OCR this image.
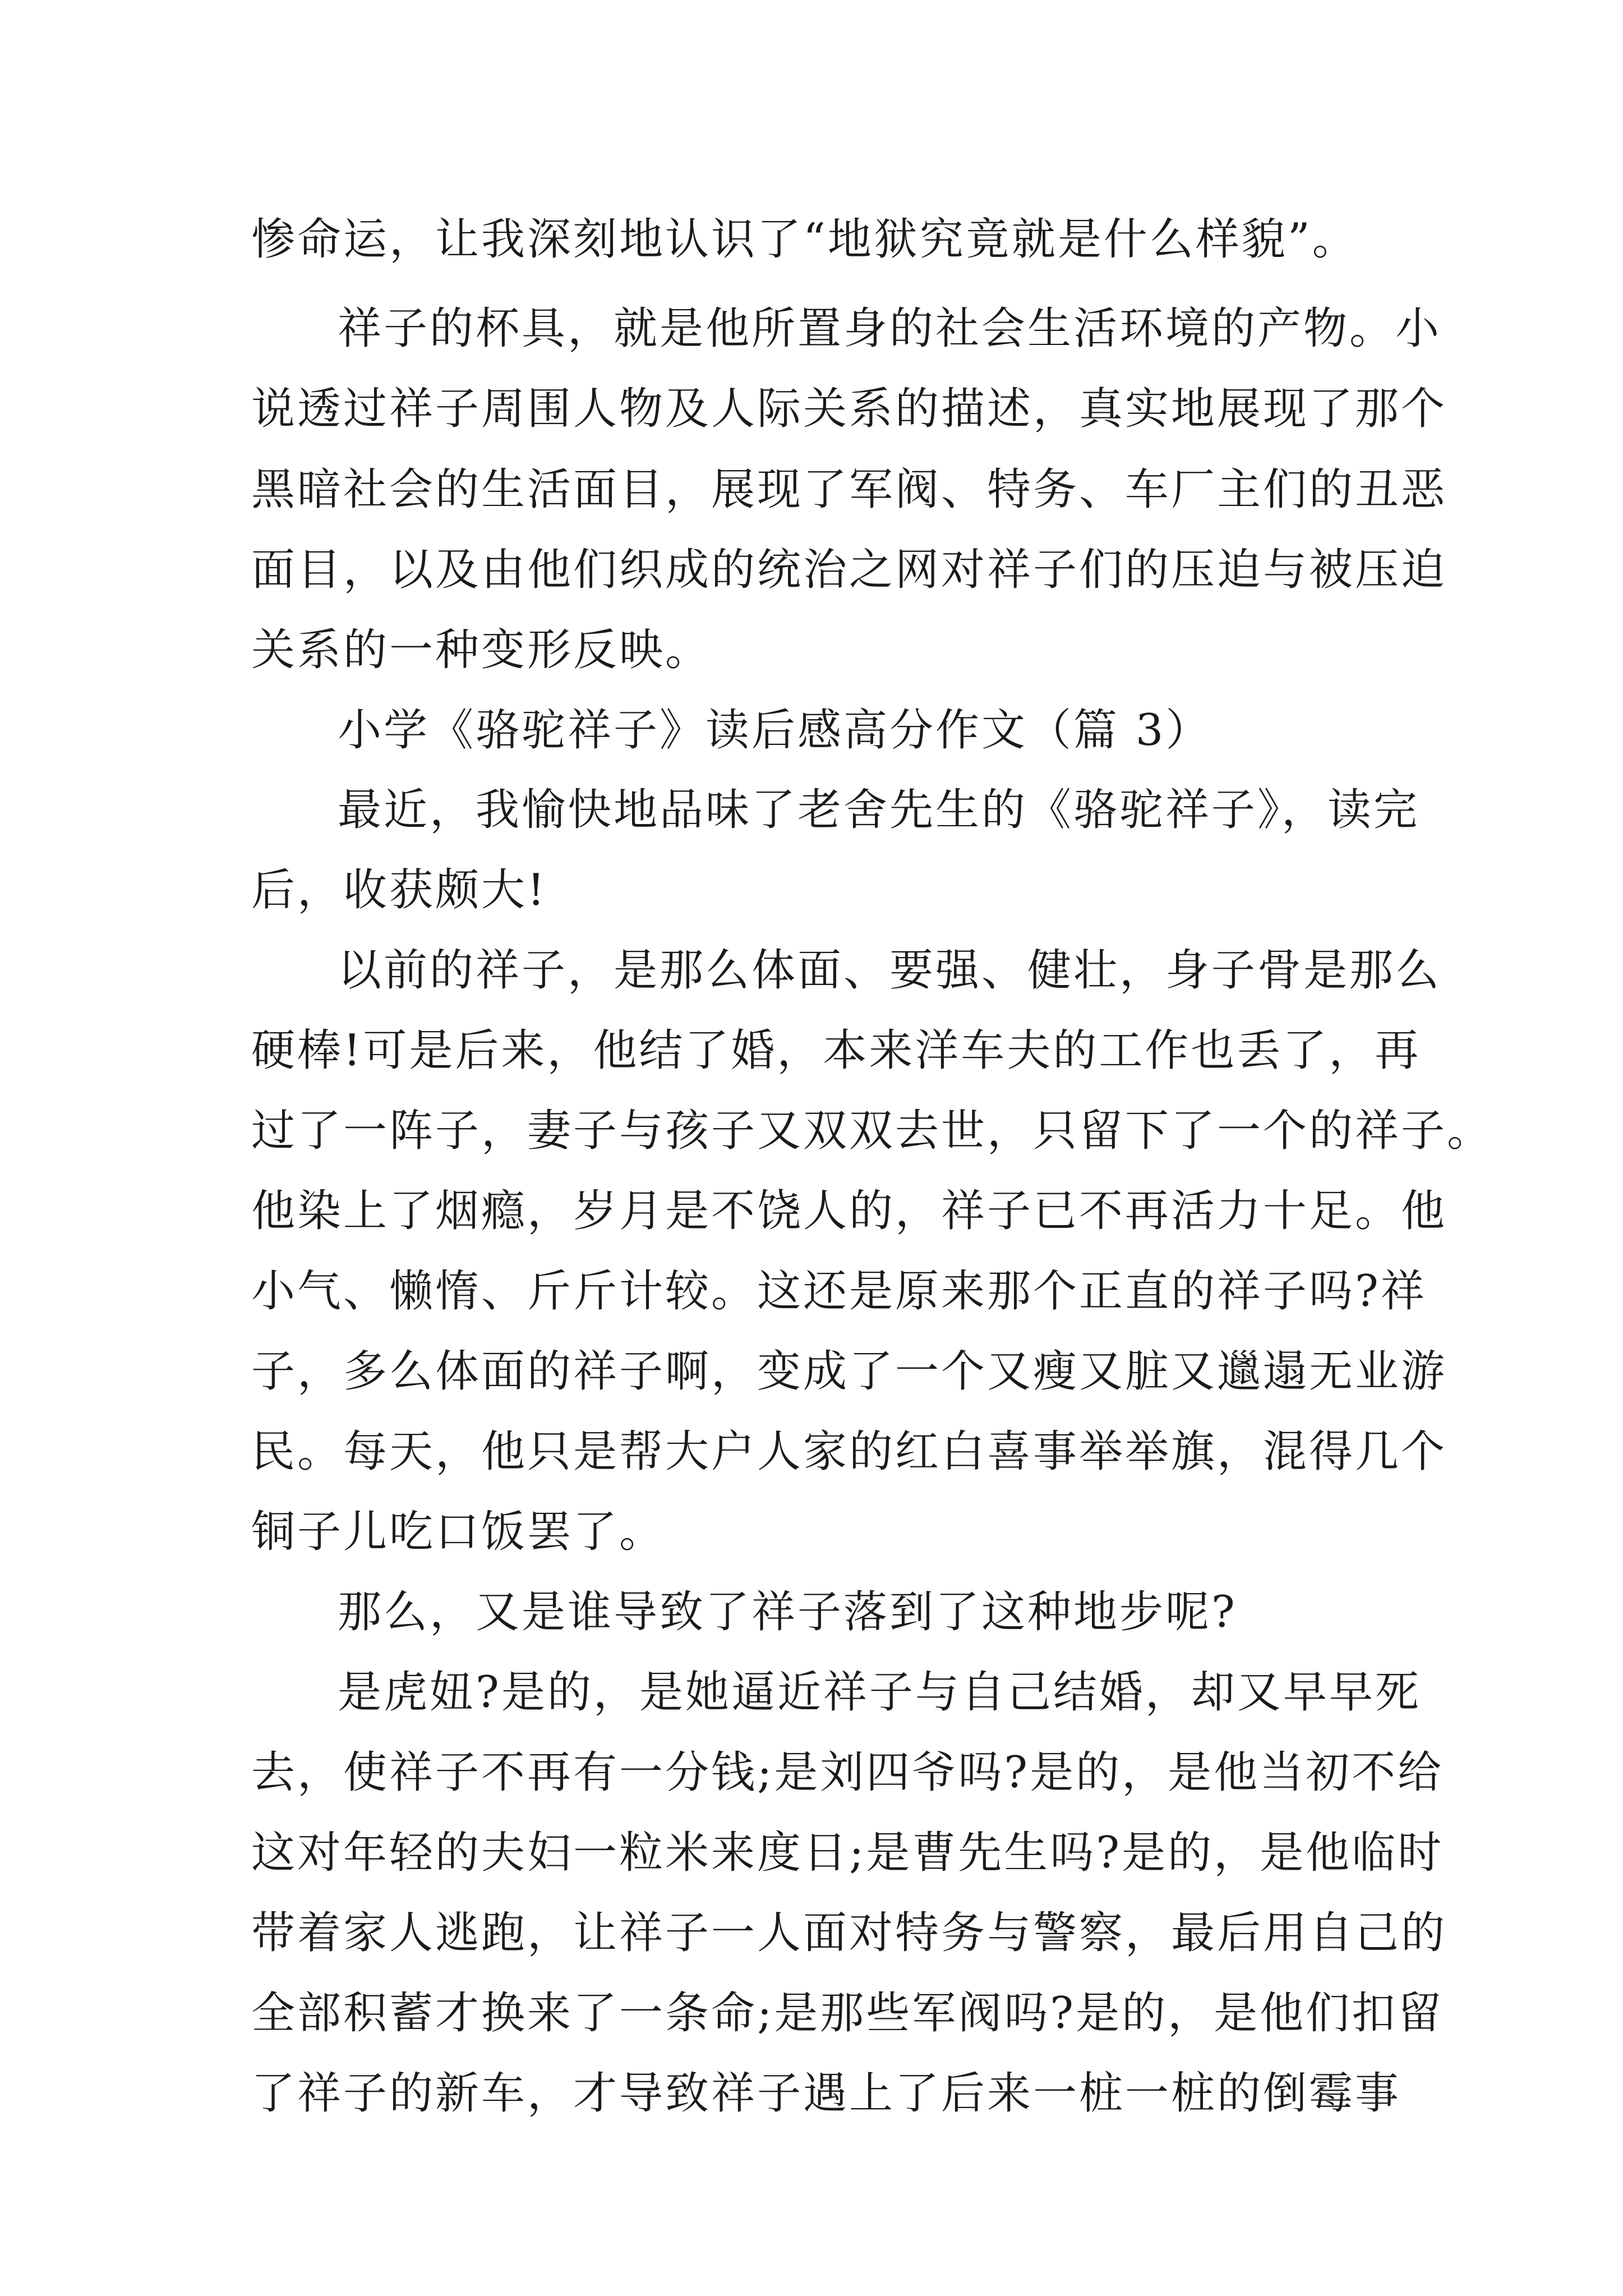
惨命运，让我深刻地认识了“地狱究竟就是什么样貌”。
祥子的杯具，就是他所置身的社会生活环境的产物。小
说透过祥子周围人物及人际关系的描述，真实地展现了那个
黑暗社会的生活面目，展现了军阀、特务、车厂主们的丑恶
面目，以及由他们织成的统治之网对祥子们的压迫与被压迫
关系的一种变形反映。
小学《骆驼祥子》读后感高分作文（篇 3）
最近，我愉快地品味了老舍先生的《骆驼祥子》，读完
后，收获颇大!
以前的祥子，是那么体面、要强、健壮，身子骨是那么
硬棒!可是后来，他结了婚，本来洋车夫的工作也丢了，再
过了一阵子，妻子与孩子又双双去世，只留下了一个的祥子。
他染上了烟瘾，岁月是不饶人的，祥子已不再活力十足。他
小气、懒惰、斤斤计较。这还是原来那个正直的祥子吗?祥
子，多么体面的祥子啊，变成了一个又瘦又脏又邋遢无业游
民。每天，他只是帮大户人家的红白喜事举举旗，混得几个
铜子儿吃口饭罢了。
那么，又是谁导致了祥子落到了这种地步呢?
是虎妞?是的，是她逼近祥子与自己结婚，却又早早死
去，使祥子不再有一分钱;是刘四爷吗?是的，是他当初不给
这对年轻的夫妇一粒米来度日;是曹先生吗?是的，是他临时
带着家人逃跑，让祥子一人面对特务与警察，最后用自己的
全部积蓄才换来了一条命;是那些军阀吗?是的，是他们扣留
了祥子的新车，才导致祥子遇上了后来一桩一桩的倒霉事
